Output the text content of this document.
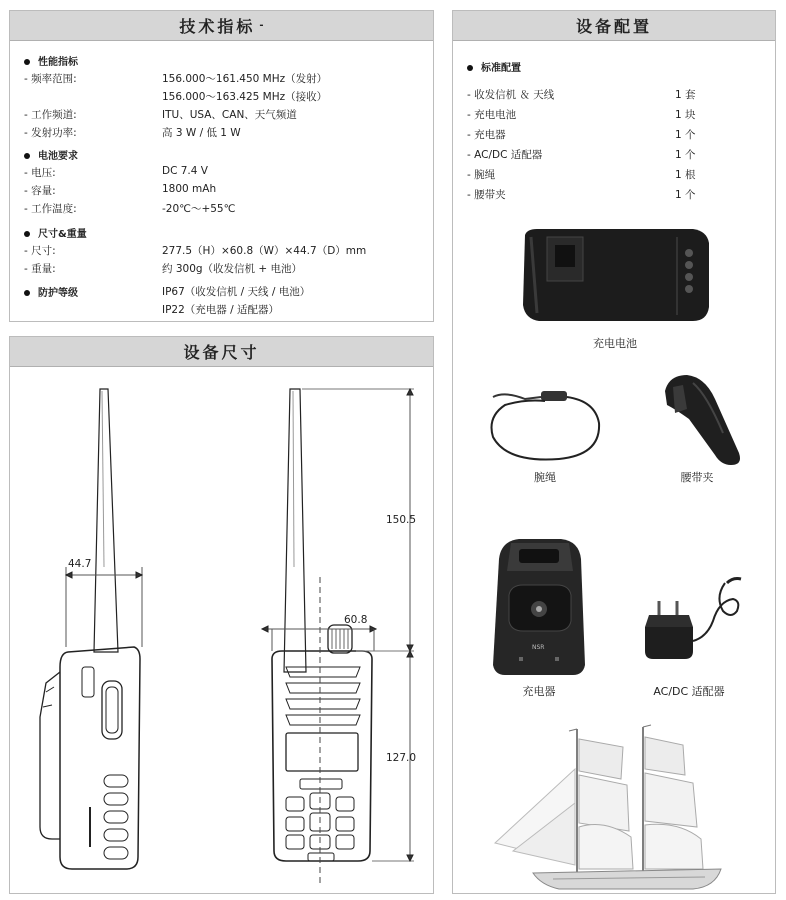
技术指标 -
性能指标
- 频率范围:	156.000～161.450 MHz（发射）
156.000～163.425 MHz（接收）
- 工作频道:	ITU、USA、CAN、天气频道
- 发射功率:	高 3 W / 低 1 W
电池要求
- 电压:	DC 7.4 V
- 容量:	1800 mAh
- 工作温度:	-20℃～+55℃
尺寸&重量
- 尺寸:	277.5（H）×60.8（W）×44.7（D）mm
- 重量:	约 300g（收发信机 + 电池）
防护等级	IP67（收发信机 / 天线 / 电池）
IP22（充电器 / 适配器）
设备尺寸
44.7
60.8
150.5
127.0
设备配置
标准配置
- 收发信机 ＆ 天线	1 套
- 充电电池	1 块
- 充电器	1 个
- AC/DC 适配器	1 个
- 腕绳	1 根
- 腰带夹	1 个
充电电池
腕绳	腰带夹
NSR
充电器	AC/DC 适配器
